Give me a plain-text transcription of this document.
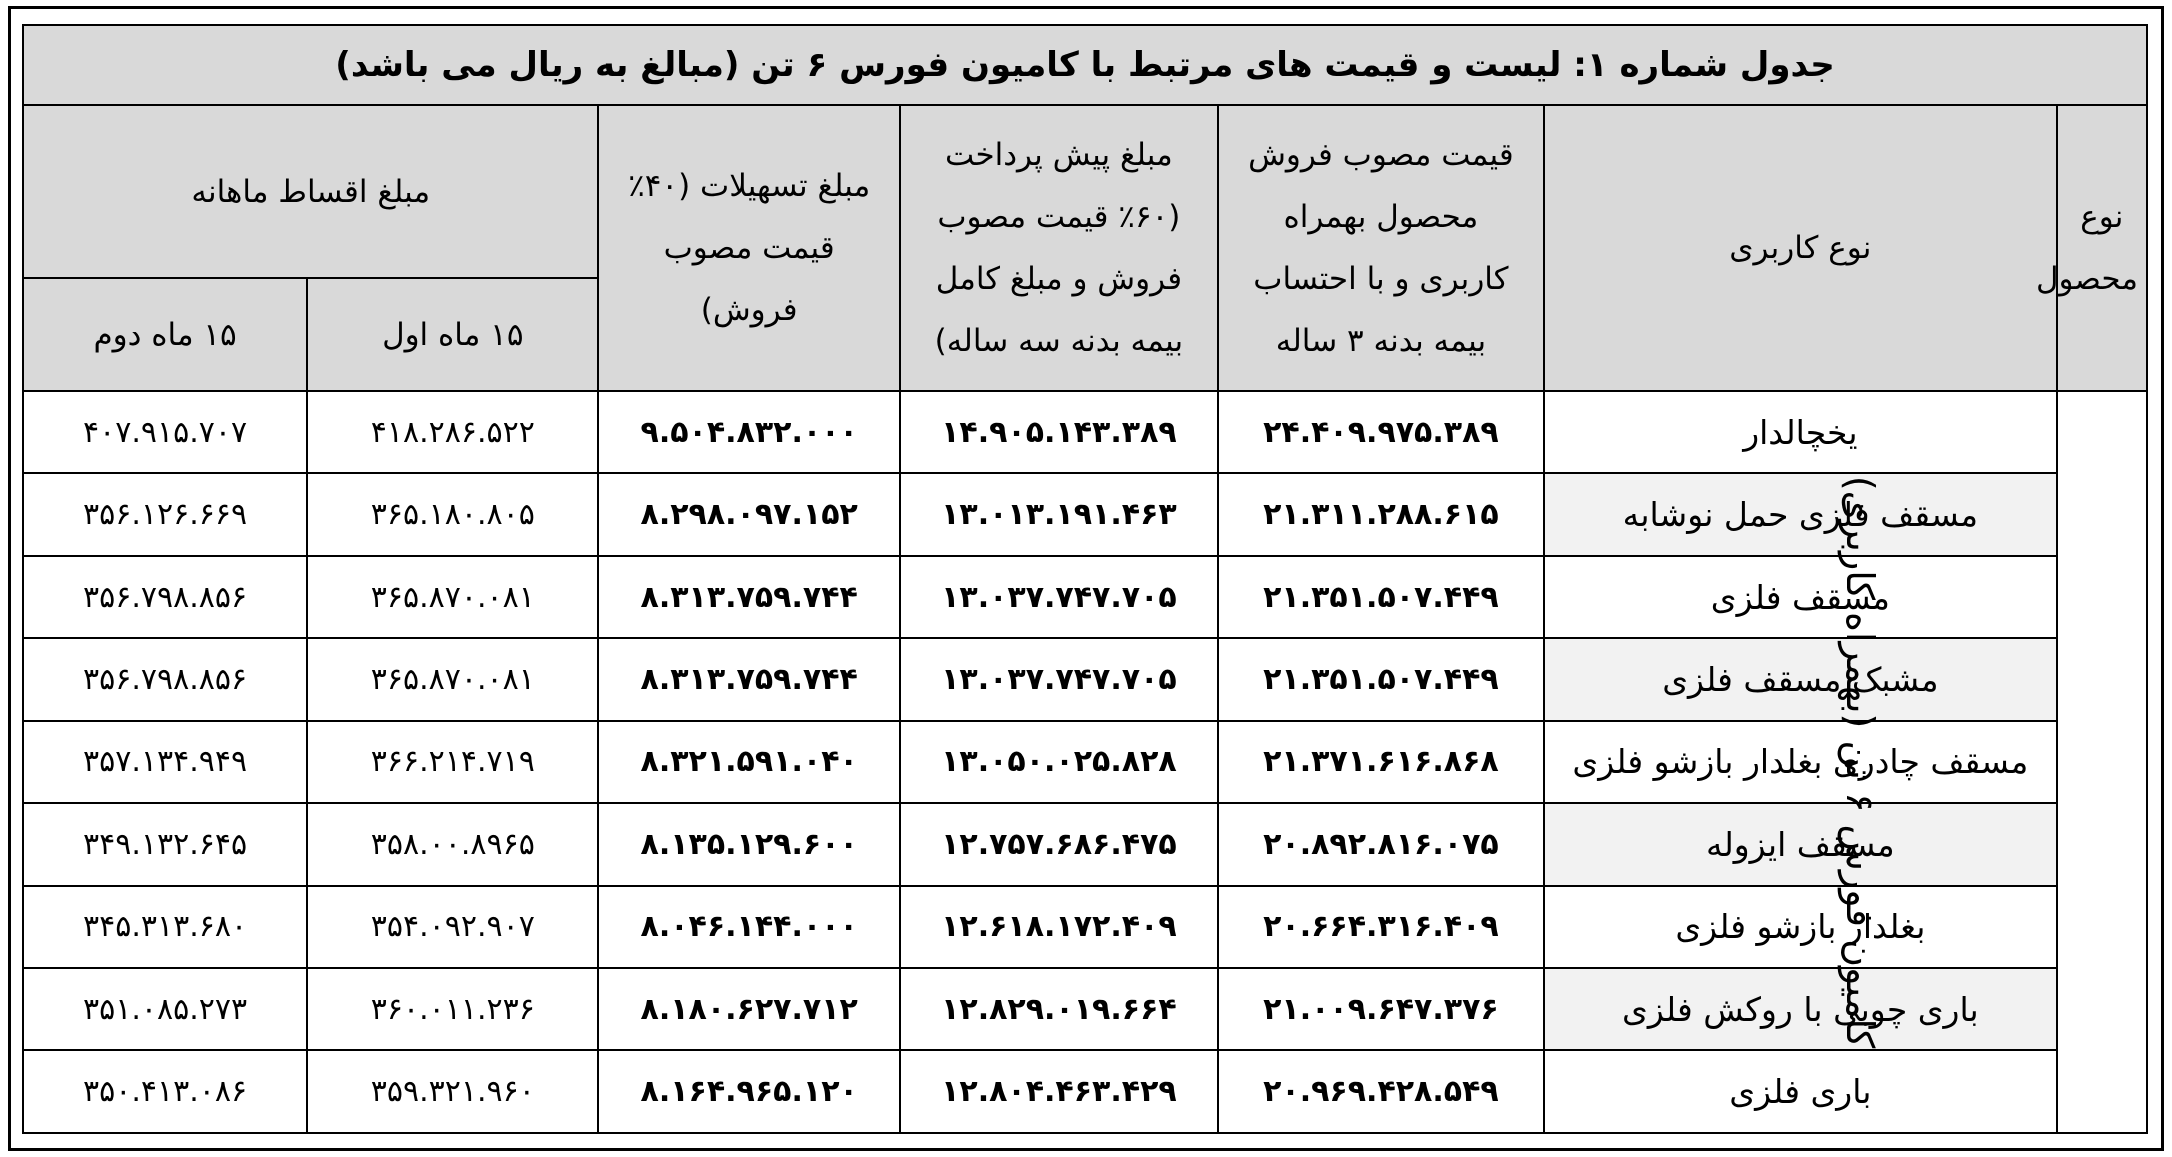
جدول شماره ۱: لیست و قیمت های مرتبط با کامیون فورس ۶ تن (مبالغ به ریال می باشد)						
نوع محصول	نوع کاربری	قیمت مصوب فروش محصول بهمراه کاربری و با احتساب بیمه بدنه ۳ ساله	مبلغ پیش پرداخت (۶۰٪ قیمت مصوب فروش و مبلغ کامل بیمه بدنه سه ساله)	مبلغ تسهیلات (۴۰٪ قیمت مصوب فروش)	مبلغ اقساط ماهانه	
					۱۵ ماه اول	۱۵ ماه دوم
کامیون فورس ۶ تن (بهمراه کاربری)	یخچالدار	۲۴.۴۰۹.۹۷۵.۳۸۹	۱۴.۹۰۵.۱۴۳.۳۸۹	۹.۵۰۴.۸۳۲.۰۰۰	۴۱۸.۲۸۶.۵۲۲	۴۰۷.۹۱۵.۷۰۷
	مسقف فلزی حمل نوشابه	۲۱.۳۱۱.۲۸۸.۶۱۵	۱۳.۰۱۳.۱۹۱.۴۶۳	۸.۲۹۸.۰۹۷.۱۵۲	۳۶۵.۱۸۰.۸۰۵	۳۵۶.۱۲۶.۶۶۹
	مسقف فلزی	۲۱.۳۵۱.۵۰۷.۴۴۹	۱۳.۰۳۷.۷۴۷.۷۰۵	۸.۳۱۳.۷۵۹.۷۴۴	۳۶۵.۸۷۰.۰۸۱	۳۵۶.۷۹۸.۸۵۶
	مشبک مسقف فلزی	۲۱.۳۵۱.۵۰۷.۴۴۹	۱۳.۰۳۷.۷۴۷.۷۰۵	۸.۳۱۳.۷۵۹.۷۴۴	۳۶۵.۸۷۰.۰۸۱	۳۵۶.۷۹۸.۸۵۶
	مسقف چادری بغلدار بازشو فلزی	۲۱.۳۷۱.۶۱۶.۸۶۸	۱۳.۰۵۰.۰۲۵.۸۲۸	۸.۳۲۱.۵۹۱.۰۴۰	۳۶۶.۲۱۴.۷۱۹	۳۵۷.۱۳۴.۹۴۹
	مسقف ایزوله	۲۰.۸۹۲.۸۱۶.۰۷۵	۱۲.۷۵۷.۶۸۶.۴۷۵	۸.۱۳۵.۱۲۹.۶۰۰	۳۵۸.۰۰.۸۹۶۵	۳۴۹.۱۳۲.۶۴۵
	بغلدار بازشو فلزی	۲۰.۶۶۴.۳۱۶.۴۰۹	۱۲.۶۱۸.۱۷۲.۴۰۹	۸.۰۴۶.۱۴۴.۰۰۰	۳۵۴.۰۹۲.۹۰۷	۳۴۵.۳۱۳.۶۸۰
	باری چوبی با روکش فلزی	۲۱.۰۰۹.۶۴۷.۳۷۶	۱۲.۸۲۹.۰۱۹.۶۶۴	۸.۱۸۰.۶۲۷.۷۱۲	۳۶۰.۰۱۱.۲۳۶	۳۵۱.۰۸۵.۲۷۳
	باری فلزی	۲۰.۹۶۹.۴۲۸.۵۴۹	۱۲.۸۰۴.۴۶۳.۴۲۹	۸.۱۶۴.۹۶۵.۱۲۰	۳۵۹.۳۲۱.۹۶۰	۳۵۰.۴۱۳.۰۸۶
